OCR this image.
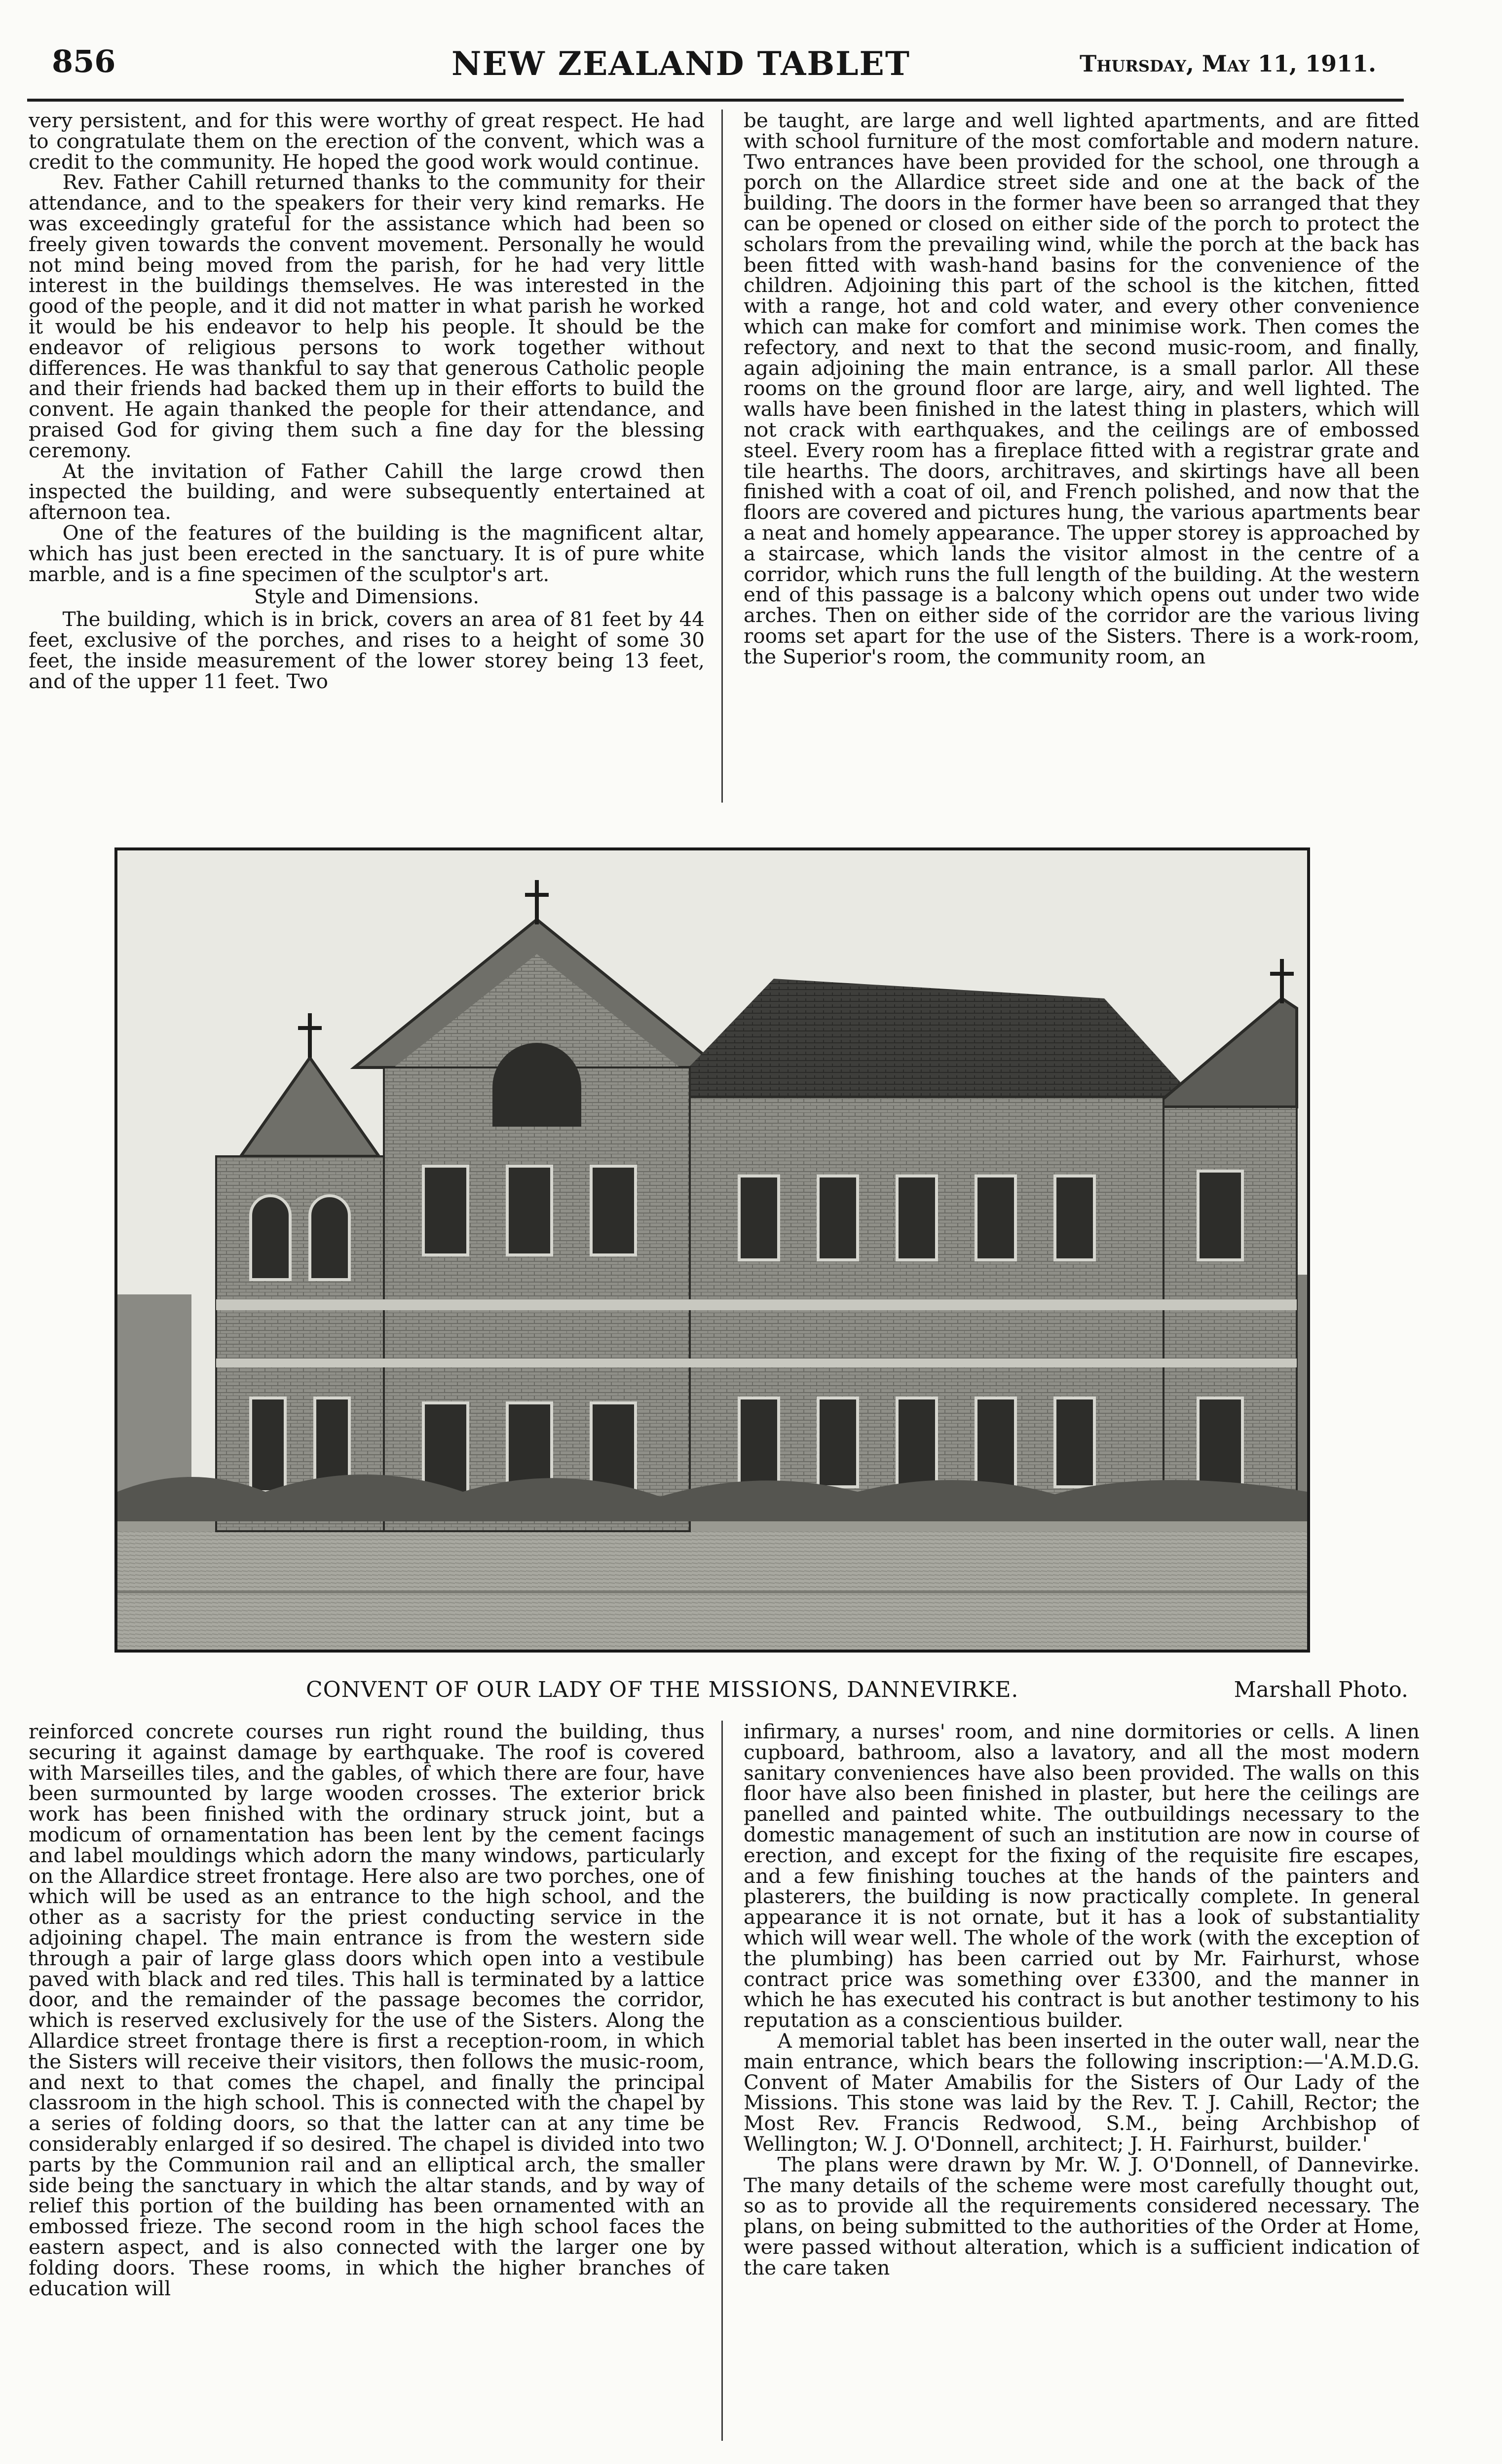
856	NEW ZEALAND TABLET	Thursday, May 11, 1911.

very persistent, and for this were worthy of great respect. He had to congratulate them on the erection of the convent, which was a credit to the community. He hoped the good work would continue.

Rev. Father Cahill returned thanks to the community for their attendance, and to the speakers for their very kind remarks. He was exceedingly grateful for the assistance which had been so freely given towards the convent movement. Personally he would not mind being moved from the parish, for he had very little interest in the buildings themselves. He was interested in the good of the people, and it did not matter in what parish he worked it would be his endeavor to help his people. It should be the endeavor of religious persons to work together without differences. He was thankful to say that generous Catholic people and their friends had backed them up in their efforts to build the convent. He again thanked the people for their attendance, and praised God for giving them such a fine day for the blessing ceremony.

At the invitation of Father Cahill the large crowd then inspected the building, and were subsequently entertained at afternoon tea.

One of the features of the building is the magnificent altar, which has just been erected in the sanctuary. It is of pure white marble, and is a fine specimen of the sculptor's art.

Style and Dimensions.

The building, which is in brick, covers an area of 81 feet by 44 feet, exclusive of the porches, and rises to a height of some 30 feet, the inside measurement of the lower storey being 13 feet, and of the upper 11 feet. Two

be taught, are large and well lighted apartments, and are fitted with school furniture of the most comfortable and modern nature. Two entrances have been provided for the school, one through a porch on the Allardice street side and one at the back of the building. The doors in the former have been so arranged that they can be opened or closed on either side of the porch to protect the scholars from the prevailing wind, while the porch at the back has been fitted with wash-hand basins for the convenience of the children. Adjoining this part of the school is the kitchen, fitted with a range, hot and cold water, and every other convenience which can make for comfort and minimise work. Then comes the refectory, and next to that the second music-room, and finally, again adjoining the main entrance, is a small parlor. All these rooms on the ground floor are large, airy, and well lighted. The walls have been finished in the latest thing in plasters, which will not crack with earthquakes, and the ceilings are of embossed steel. Every room has a fireplace fitted with a registrar grate and tile hearths. The doors, architraves, and skirtings have all been finished with a coat of oil, and French polished, and now that the floors are covered and pictures hung, the various apartments bear a neat and homely appearance. The upper storey is approached by a staircase, which lands the visitor almost in the centre of a corridor, which runs the full length of the building. At the western end of this passage is a balcony which opens out under two wide arches. Then on either side of the corridor are the various living rooms set apart for the use of the Sisters. There is a work-room, the Superior's room, the community room, an

CONVENT OF OUR LADY OF THE MISSIONS, DANNEVIRKE.	Marshall Photo.

reinforced concrete courses run right round the building, thus securing it against damage by earthquake. The roof is covered with Marseilles tiles, and the gables, of which there are four, have been surmounted by large wooden crosses. The exterior brick work has been finished with the ordinary struck joint, but a modicum of ornamentation has been lent by the cement facings and label mouldings which adorn the many windows, particularly on the Allardice street frontage. Here also are two porches, one of which will be used as an entrance to the high school, and the other as a sacristy for the priest conducting service in the adjoining chapel. The main entrance is from the western side through a pair of large glass doors which open into a vestibule paved with black and red tiles. This hall is terminated by a lattice door, and the remainder of the passage becomes the corridor, which is reserved exclusively for the use of the Sisters. Along the Allardice street frontage there is first a reception-room, in which the Sisters will receive their visitors, then follows the music-room, and next to that comes the chapel, and finally the principal classroom in the high school. This is connected with the chapel by a series of folding doors, so that the latter can at any time be considerably enlarged if so desired. The chapel is divided into two parts by the Communion rail and an elliptical arch, the smaller side being the sanctuary in which the altar stands, and by way of relief this portion of the building has been ornamented with an embossed frieze. The second room in the high school faces the eastern aspect, and is also connected with the larger one by folding doors. These rooms, in which the higher branches of education will

infirmary, a nurses' room, and nine dormitories or cells. A linen cupboard, bathroom, also a lavatory, and all the most modern sanitary conveniences have also been provided. The walls on this floor have also been finished in plaster, but here the ceilings are panelled and painted white. The outbuildings necessary to the domestic management of such an institution are now in course of erection, and except for the fixing of the requisite fire escapes, and a few finishing touches at the hands of the painters and plasterers, the building is now practically complete. In general appearance it is not ornate, but it has a look of substantiality which will wear well. The whole of the work (with the exception of the plumbing) has been carried out by Mr. Fairhurst, whose contract price was something over £3300, and the manner in which he has executed his contract is but another testimony to his reputation as a conscientious builder.

A memorial tablet has been inserted in the outer wall, near the main entrance, which bears the following inscription:—'A.M.D.G. Convent of Mater Amabilis for the Sisters of Our Lady of the Missions. This stone was laid by the Rev. T. J. Cahill, Rector; the Most Rev. Francis Redwood, S.M., being Archbishop of Wellington; W. J. O'Donnell, architect; J. H. Fairhurst, builder.'

The plans were drawn by Mr. W. J. O'Donnell, of Dannevirke. The many details of the scheme were most carefully thought out, so as to provide all the requirements considered necessary. The plans, on being submitted to the authorities of the Order at Home, were passed without alteration, which is a sufficient indication of the care taken
